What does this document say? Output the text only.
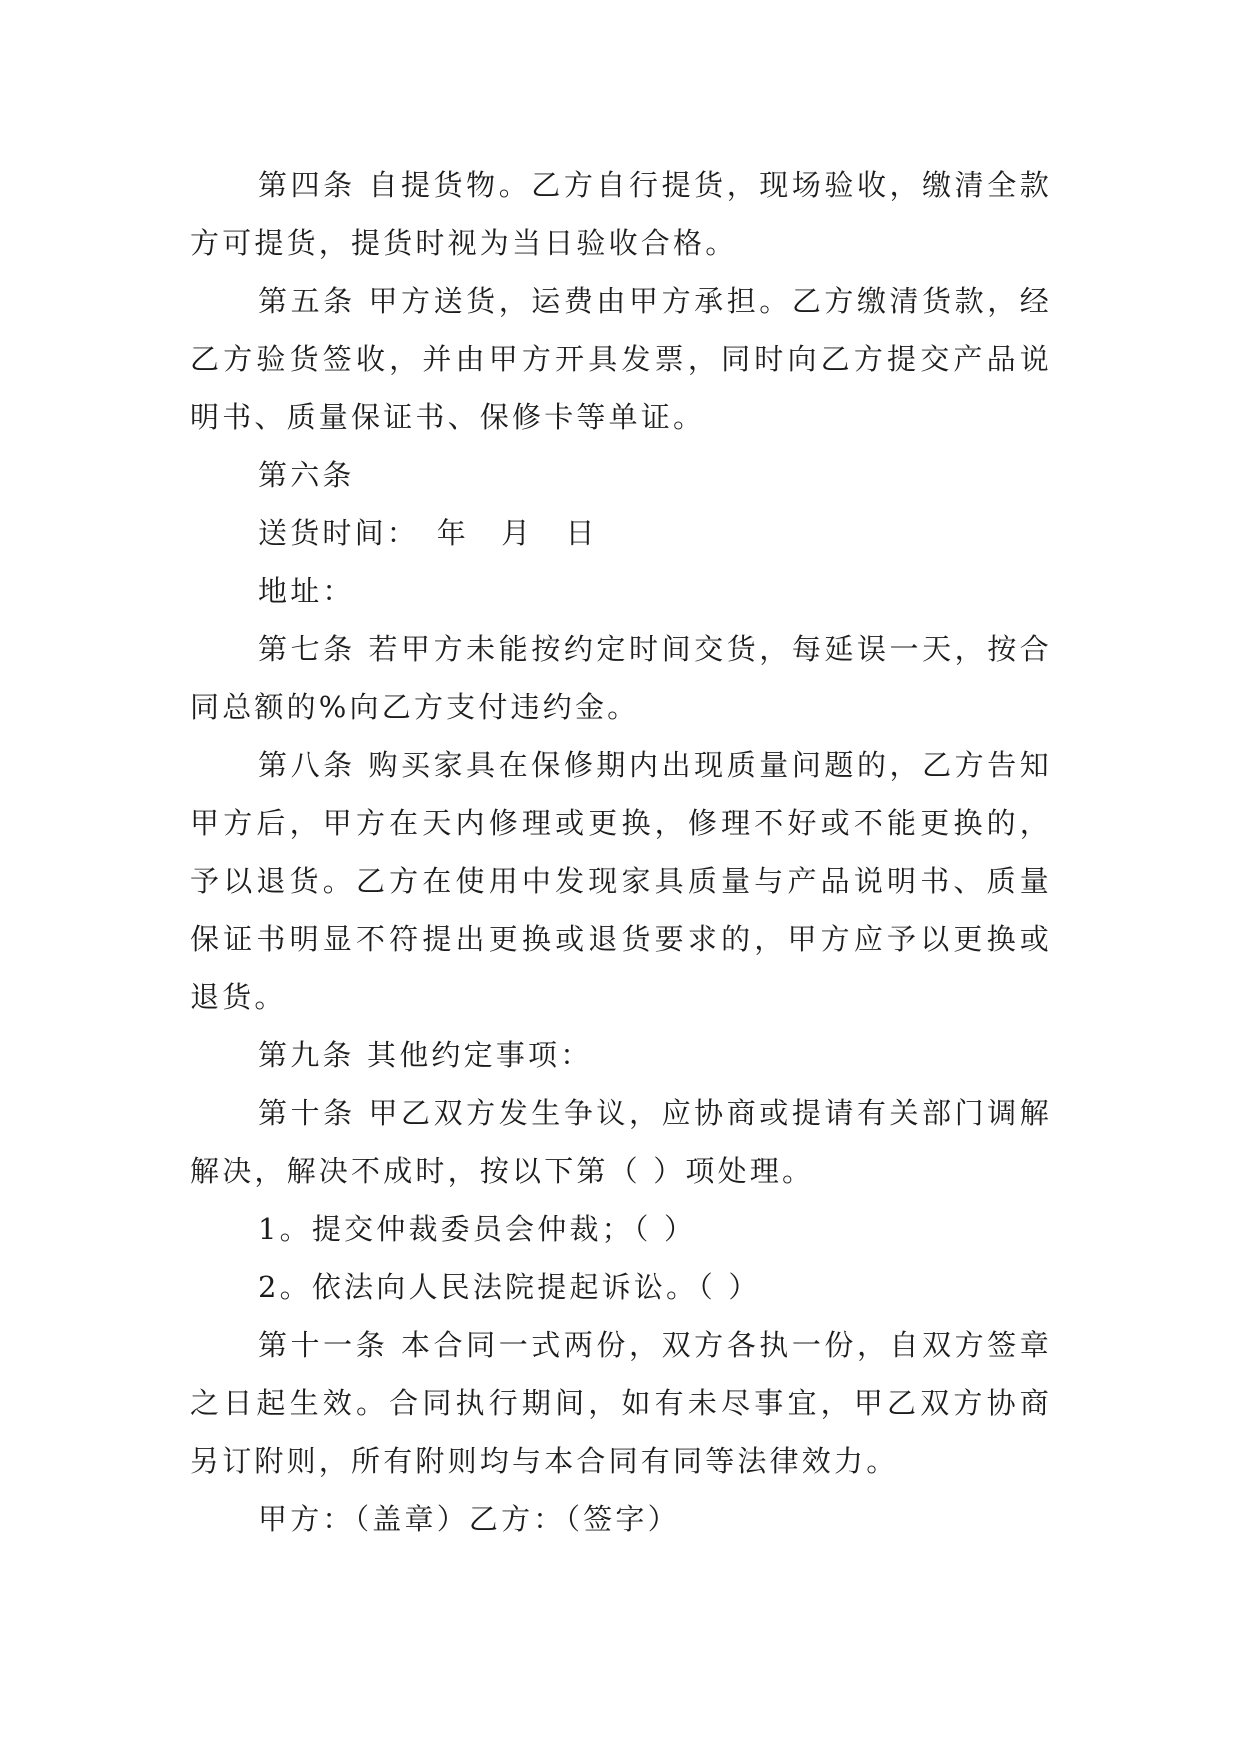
第四条 自提货物。乙方自行提货，现场验收，缴清全款方可提货，提货时视为当日验收合格。

第五条 甲方送货，运费由甲方承担。乙方缴清货款，经乙方验货签收，并由甲方开具发票，同时向乙方提交产品说明书、质量保证书、保修卡等单证。

第六条

送货时间：　年　月　日

地址：

第七条 若甲方未能按约定时间交货，每延误一天，按合同总额的%向乙方支付违约金。

第八条 购买家具在保修期内出现质量问题的，乙方告知甲方后，甲方在天内修理或更换，修理不好或不能更换的，予以退货。乙方在使用中发现家具质量与产品说明书、质量保证书明显不符提出更换或退货要求的，甲方应予以更换或退货。

第九条 其他约定事项：

第十条 甲乙双方发生争议，应协商或提请有关部门调解解决，解决不成时，按以下第（ ）项处理。

1。提交仲裁委员会仲裁；（ ）

2。依法向人民法院提起诉讼。（ ）

第十一条 本合同一式两份，双方各执一份，自双方签章之日起生效。合同执行期间，如有未尽事宜，甲乙双方协商另订附则，所有附则均与本合同有同等法律效力。

甲方：（盖章）乙方：（签字）
